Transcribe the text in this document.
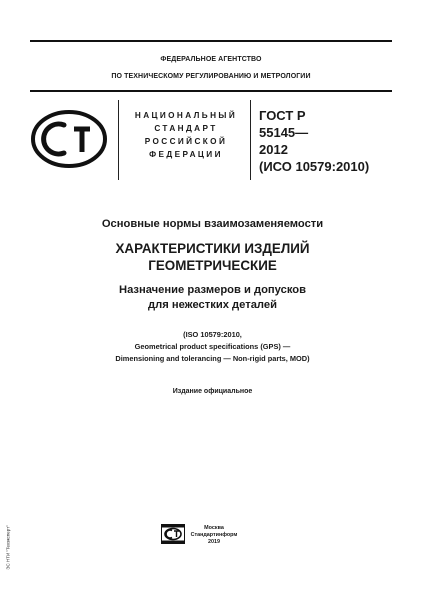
ФЕДЕРАЛЬНОЕ АГЕНТСТВО
ПО ТЕХНИЧЕСКОМУ РЕГУЛИРОВАНИЮ И МЕТРОЛОГИИ
НАЦИОНАЛЬНЫЙ
СТАНДАРТ
РОССИЙСКОЙ
ФЕДЕРАЦИИ
ГОСТ Р
55145—
2012
(ИСО 10579:2010)
Основные нормы взаимозаменяемости
ХАРАКТЕРИСТИКИ ИЗДЕЛИЙ
ГЕОМЕТРИЧЕСКИЕ
Назначение размеров и допусков
для нежестких деталей
(ISO 10579:2010,
Geometrical product specifications (GPS) —
Dimensioning and tolerancing — Non-rigid parts, MOD)
Издание официальное
Москва
Стандартинформ
2019
ЭС НТИ "Техэксперт"
